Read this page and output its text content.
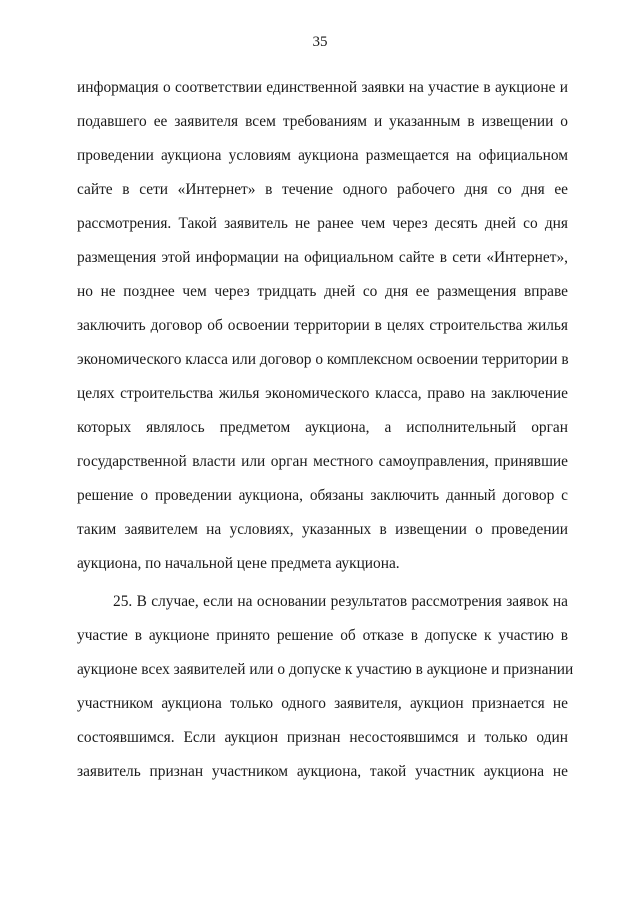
35
информация о соответствии единственной заявки на участие в аукционе и
подавшего ее заявителя всем требованиям и указанным в извещении о
проведении аукциона условиям аукциона размещается на официальном
сайте в сети «Интернет» в течение одного рабочего дня со дня ее
рассмотрения. Такой заявитель не ранее чем через десять дней со дня
размещения этой информации на официальном сайте в сети «Интернет»,
но не позднее чем через тридцать дней со дня ее размещения вправе
заключить договор об освоении территории в целях строительства жилья
экономического класса или договор о комплексном освоении территории в
целях строительства жилья экономического класса, право на заключение
которых являлось предметом аукциона, а исполнительный орган
государственной власти или орган местного самоуправления, принявшие
решение о проведении аукциона, обязаны заключить данный договор с
таким заявителем на условиях, указанных в извещении о проведении
аукциона, по начальной цене предмета аукциона.
25. В случае, если на основании результатов рассмотрения заявок на
участие в аукционе принято решение об отказе в допуске к участию в
аукционе всех заявителей или о допуске к участию в аукционе и признании
участником аукциона только одного заявителя, аукцион признается не
состоявшимся. Если аукцион признан несостоявшимся и только один
заявитель признан участником аукциона, такой участник аукциона не
